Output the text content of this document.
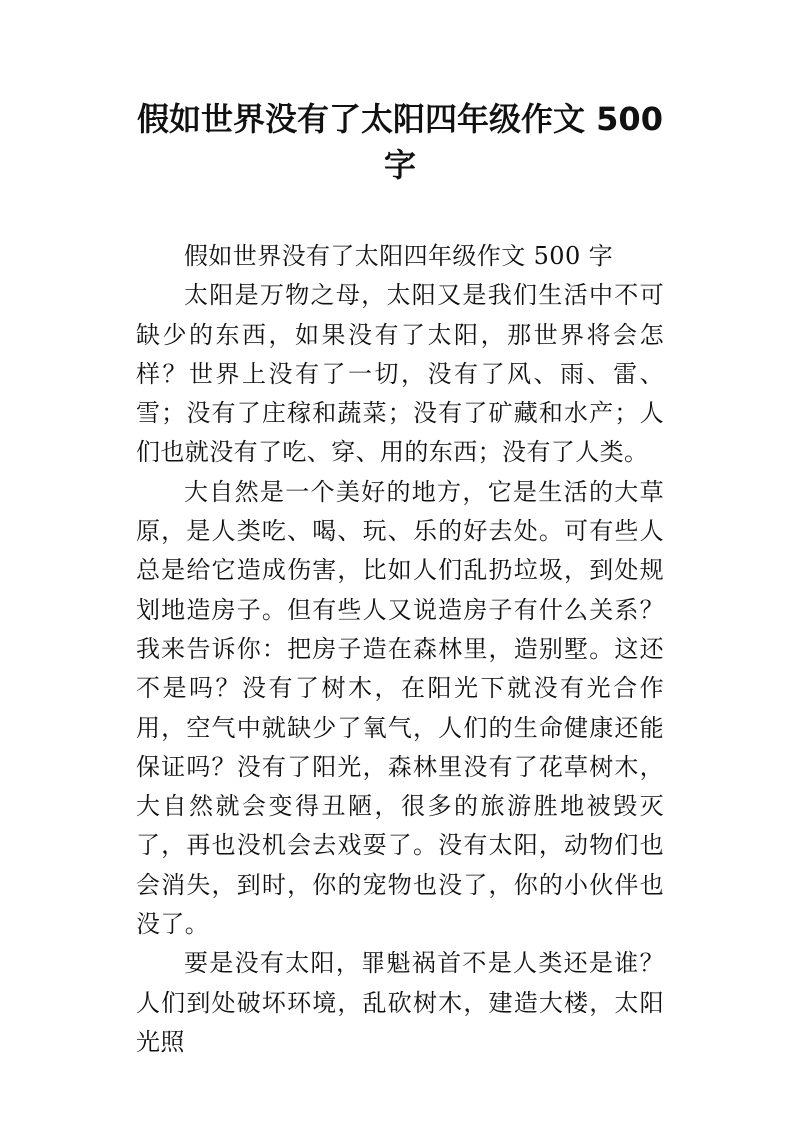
假如世界没有了太阳四年级作文 500 字

假如世界没有了太阳四年级作文 500 字

太阳是万物之母，太阳又是我们生活中不可缺少的东西，如果没有了太阳，那世界将会怎样？世界上没有了一切，没有了风、雨、雷、雪；没有了庄稼和蔬菜；没有了矿藏和水产；人们也就没有了吃、穿、用的东西；没有了人类。

大自然是一个美好的地方，它是生活的大草原，是人类吃、喝、玩、乐的好去处。可有些人总是给它造成伤害，比如人们乱扔垃圾，到处规划地造房子。但有些人又说造房子有什么关系？我来告诉你：把房子造在森林里，造别墅。这还不是吗？没有了树木，在阳光下就没有光合作用，空气中就缺少了氧气，人们的生命健康还能保证吗？没有了阳光，森林里没有了花草树木，大自然就会变得丑陋，很多的旅游胜地被毁灭了，再也没机会去戏耍了。没有太阳，动物们也会消失，到时，你的宠物也没了，你的小伙伴也没了。

要是没有太阳，罪魁祸首不是人类还是谁？人们到处破坏环境，乱砍树木，建造大楼，太阳光照
